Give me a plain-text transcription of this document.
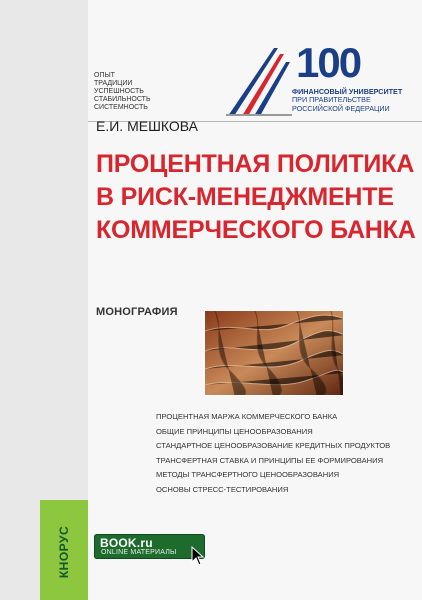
КНОРУС
ОПЫТ
ТРАДИЦИИ
УСПЕШНОСТЬ
СТАБИЛЬНОСТЬ
СИСТЕМНОСТЬ
100
ФИНАНСОВЫЙ УНИВЕРСИТЕТ
ПРИ ПРАВИТЕЛЬСТВЕ
РОССИЙСКОЙ ФЕДЕРАЦИИ
Е.И. МЕШКОВА
ПРОЦЕНТНАЯ ПОЛИТИКА
В РИСК-МЕНЕДЖМЕНТЕ
КОММЕРЧЕСКОГО БАНКА
МОНОГРАФИЯ
ПРОЦЕНТНАЯ МАРЖА КОММЕРЧЕСКОГО БАНКА
ОБЩИЕ ПРИНЦИПЫ ЦЕНООБРАЗОВАНИЯ
СТАНДАРТНОЕ ЦЕНООБРАЗОВАНИЕ КРЕДИТНЫХ ПРОДУКТОВ
ТРАНСФЕРТНАЯ СТАВКА И ПРИНЦИПЫ ЕЕ ФОРМИРОВАНИЯ
МЕТОДЫ ТРАНСФЕРТНОГО ЦЕНООБРАЗОВАНИЯ
ОСНОВЫ СТРЕСС-ТЕСТИРОВАНИЯ
BOOK.ru
ONLINE МАТЕРИАЛЫ
